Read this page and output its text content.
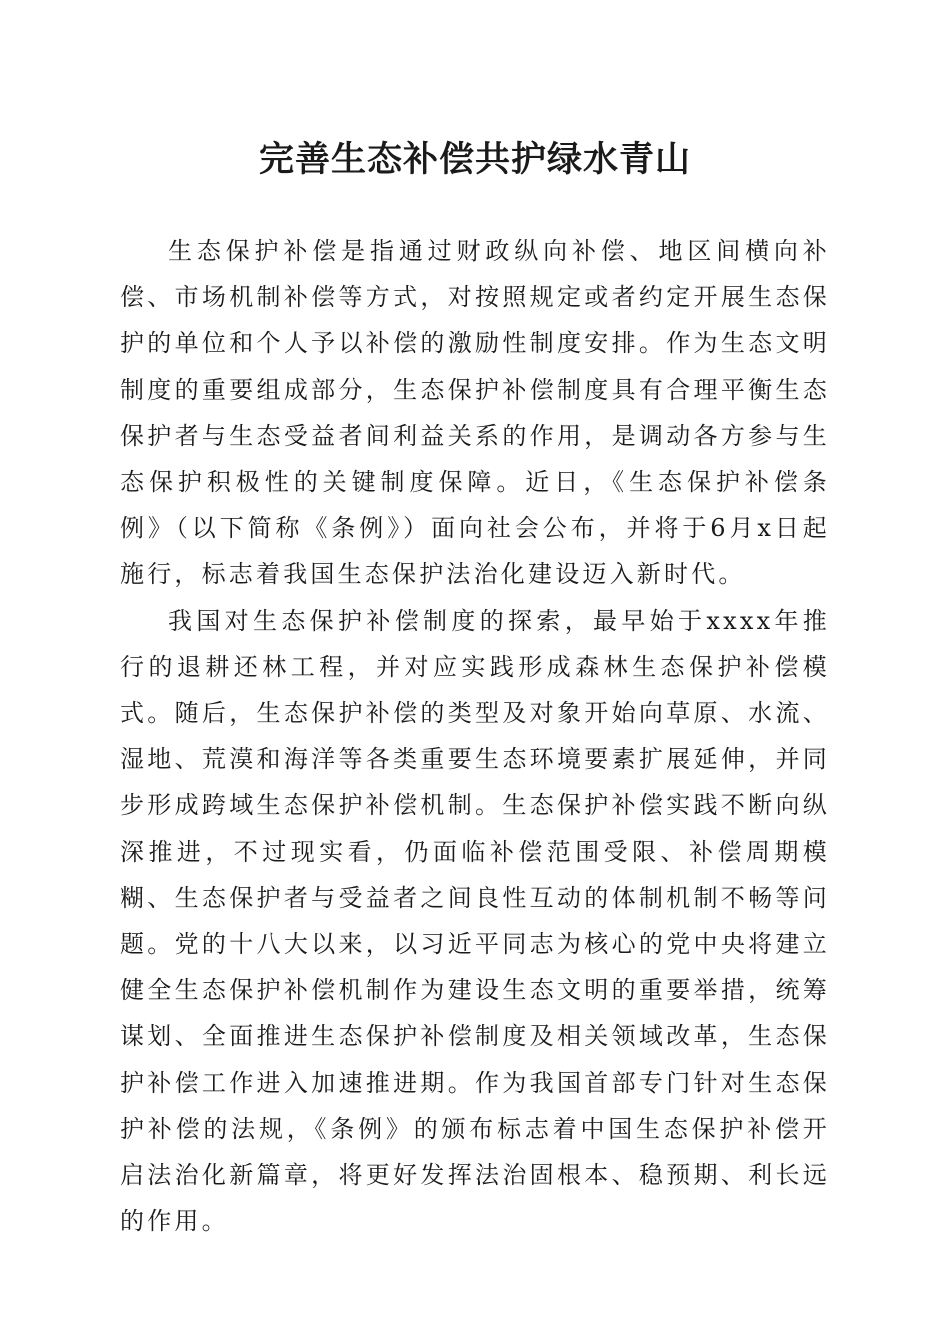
完善生态补偿共护绿水青山

生态保护补偿是指通过财政纵向补偿、地区间横向补偿、市场机制补偿等方式，对按照规定或者约定开展生态保护的单位和个人予以补偿的激励性制度安排。作为生态文明制度的重要组成部分，生态保护补偿制度具有合理平衡生态保护者与生态受益者间利益关系的作用，是调动各方参与生态保护积极性的关键制度保障。近日，《生态保护补偿条例》（以下简称《条例》）面向社会公布，并将于6月x日起施行，标志着我国生态保护法治化建设迈入新时代。

我国对生态保护补偿制度的探索，最早始于xxxx年推行的退耕还林工程，并对应实践形成森林生态保护补偿模式。随后，生态保护补偿的类型及对象开始向草原、水流、湿地、荒漠和海洋等各类重要生态环境要素扩展延伸，并同步形成跨域生态保护补偿机制。生态保护补偿实践不断向纵深推进，不过现实看，仍面临补偿范围受限、补偿周期模糊、生态保护者与受益者之间良性互动的体制机制不畅等问题。党的十八大以来，以习近平同志为核心的党中央将建立健全生态保护补偿机制作为建设生态文明的重要举措，统筹谋划、全面推进生态保护补偿制度及相关领域改革，生态保护补偿工作进入加速推进期。作为我国首部专门针对生态保护补偿的法规，《条例》的颁布标志着中国生态保护补偿开启法治化新篇章，将更好发挥法治固根本、稳预期、利长远的作用。
